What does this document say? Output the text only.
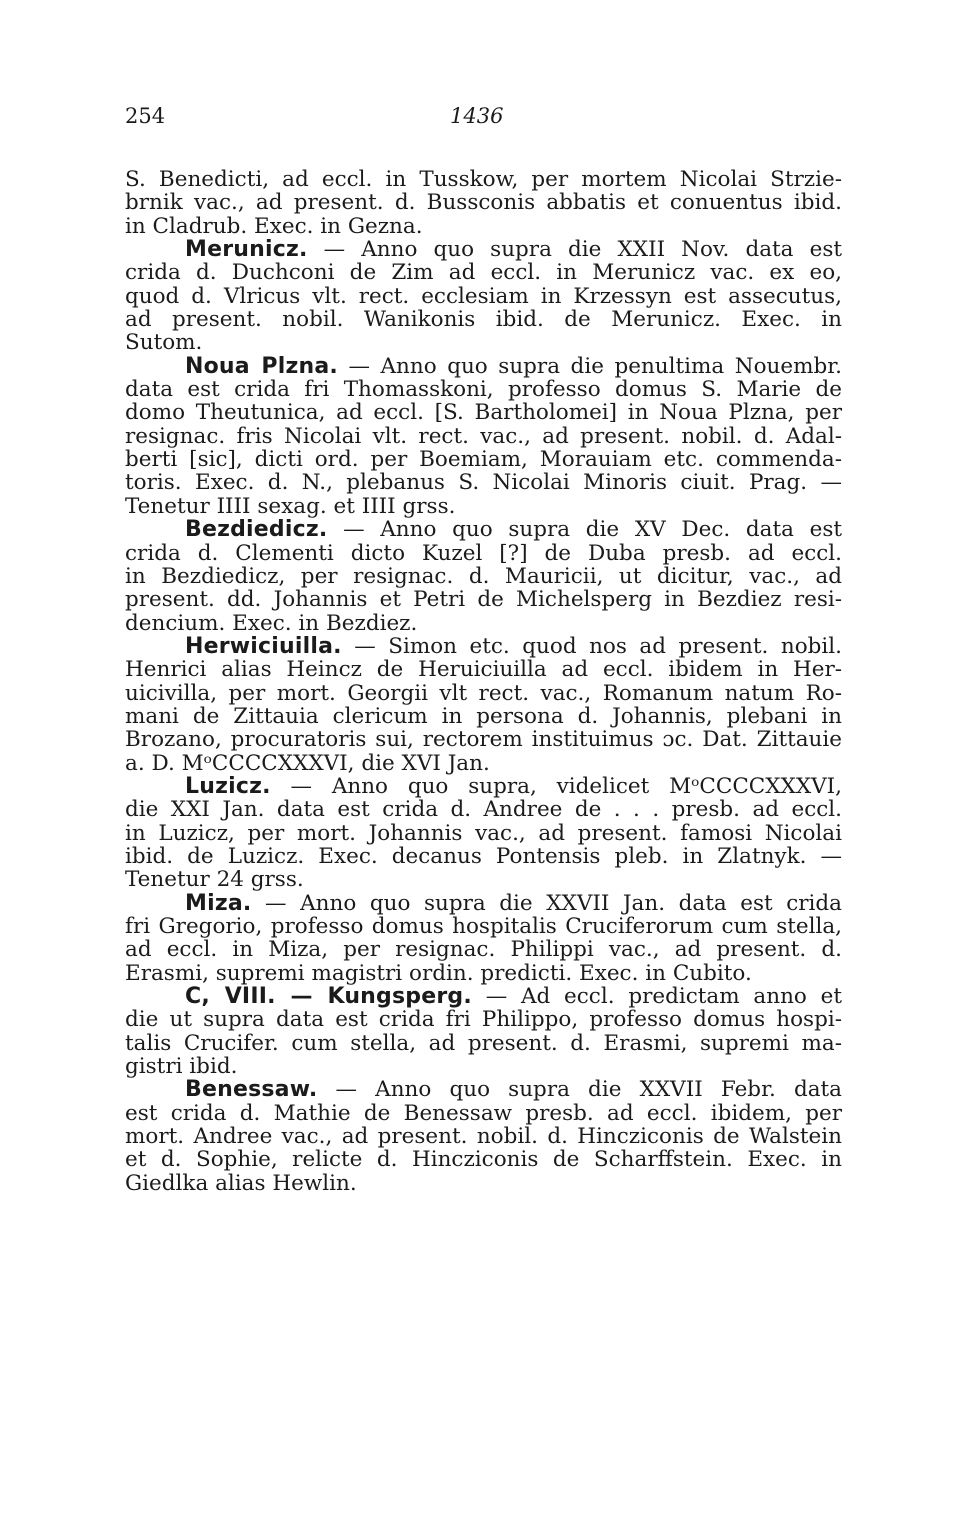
254	1436
S. Benedicti, ad eccl. in Tusskow, per mortem Nicolai Strzie-
brnik vac., ad present. d. Bussconis abbatis et conuentus ibid.
in Cladrub. Exec. in Gezna.
Merunicz. — Anno quo supra die XXII Nov. data est
crida d. Duchconi de Zim ad eccl. in Merunicz vac. ex eo,
quod d. Vlricus vlt. rect. ecclesiam in Krzessyn est assecutus,
ad present. nobil. Wanikonis ibid. de Merunicz. Exec. in
Sutom.
Noua Plzna. — Anno quo supra die penultima Nouembr.
data est crida fri Thomasskoni, professo domus S. Marie de
domo Theutunica, ad eccl. [S. Bartholomei] in Noua Plzna, per
resignac. fris Nicolai vlt. rect. vac., ad present. nobil. d. Adal-
berti [sic], dicti ord. per Boemiam, Morauiam etc. commenda-
toris. Exec. d. N., plebanus S. Nicolai Minoris ciuit. Prag. —
Tenetur IIII sexag. et IIII grss.
Bezdiedicz. — Anno quo supra die XV Dec. data est
crida d. Clementi dicto Kuzel [?] de Duba presb. ad eccl.
in Bezdiedicz, per resignac. d. Mauricii, ut dicitur, vac., ad
present. dd. Johannis et Petri de Michelsperg in Bezdiez resi-
dencium. Exec. in Bezdiez.
Herwiciuilla. — Simon etc. quod nos ad present. nobil.
Henrici alias Heincz de Heruiciuilla ad eccl. ibidem in Her-
uicivilla, per mort. Georgii vlt rect. vac., Romanum natum Ro-
mani de Zittauia clericum in persona d. Johannis, plebani in
Brozano, procuratoris sui, rectorem instituimus ɔc. Dat. Zittauie
a. D. MᵒCCCCXXXVI, die XVI Jan.
Luzicz. — Anno quo supra, videlicet MᵒCCCCXXXVI,
die XXI Jan. data est crida d. Andree de . . . presb. ad eccl.
in Luzicz, per mort. Johannis vac., ad present. famosi Nicolai
ibid. de Luzicz. Exec. decanus Pontensis pleb. in Zlatnyk. —
Tenetur 24 grss.
Miza. — Anno quo supra die XXVII Jan. data est crida
fri Gregorio, professo domus hospitalis Cruciferorum cum stella,
ad eccl. in Miza, per resignac. Philippi vac., ad present. d.
Erasmi, supremi magistri ordin. predicti. Exec. in Cubito.
C, VIII. — Kungsperg. — Ad eccl. predictam anno et
die ut supra data est crida fri Philippo, professo domus hospi-
talis Crucifer. cum stella, ad present. d. Erasmi, supremi ma-
gistri ibid.
Benessaw. — Anno quo supra die XXVII Febr. data
est crida d. Mathie de Benessaw presb. ad eccl. ibidem, per
mort. Andree vac., ad present. nobil. d. Hincziconis de Walstein
et d. Sophie, relicte d. Hincziconis de Scharffstein. Exec. in
Giedlka alias Hewlin.
